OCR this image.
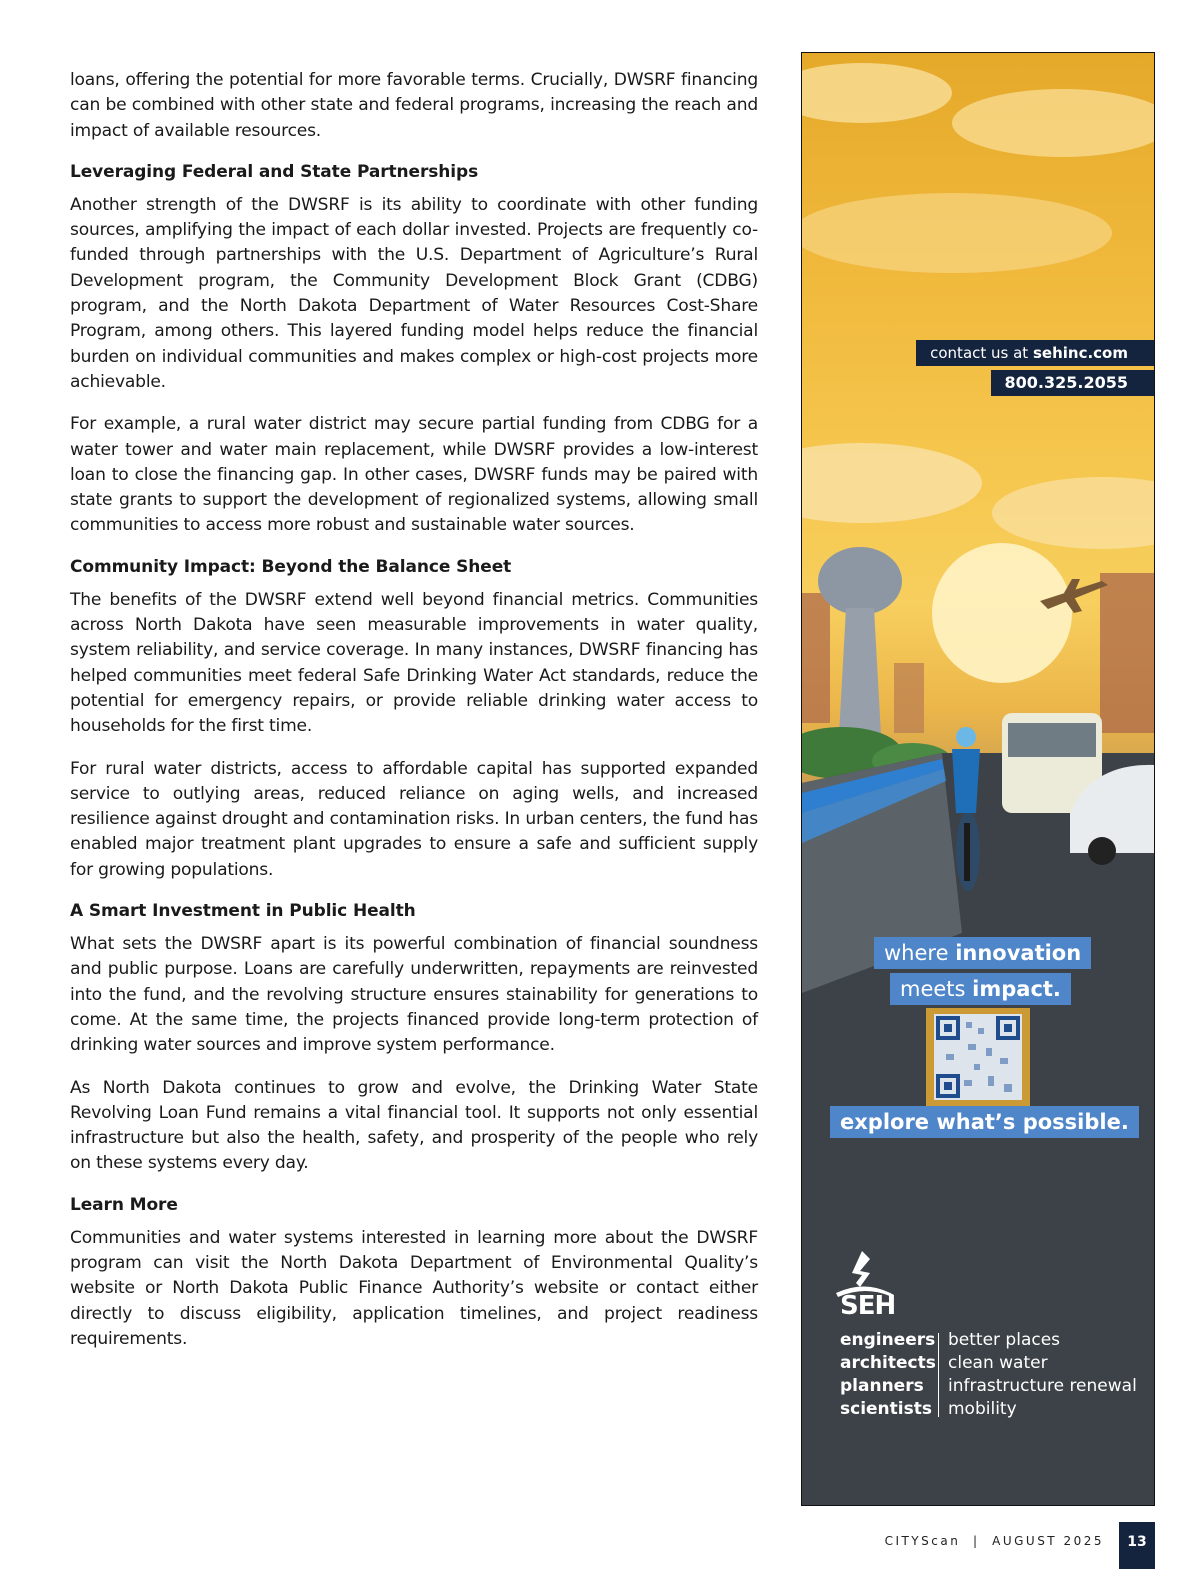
loans, offering the potential for more favorable terms. Crucially, DWSRF financing can be combined with other state and federal programs, increasing the reach and impact of available resources.

Leveraging Federal and State Partnerships

Another strength of the DWSRF is its ability to coordinate with other funding sources, amplifying the impact of each dollar invested. Projects are frequently co-funded through partnerships with the U.S. Department of Agriculture’s Rural Development program, the Community Development Block Grant (CDBG) program, and the North Dakota Department of Water Resources Cost-Share Program, among others. This layered funding model helps reduce the financial burden on individual communities and makes complex or high-cost projects more achievable.

For example, a rural water district may secure partial funding from CDBG for a water tower and water main replacement, while DWSRF provides a low-interest loan to close the financing gap. In other cases, DWSRF funds may be paired with state grants to support the development of regionalized systems, allowing small communities to access more robust and sustainable water sources.

Community Impact: Beyond the Balance Sheet

The benefits of the DWSRF extend well beyond financial metrics. Communities across North Dakota have seen measurable improvements in water quality, system reliability, and service coverage. In many instances, DWSRF financing has helped communities meet federal Safe Drinking Water Act standards, reduce the potential for emergency repairs, or provide reliable drinking water access to households for the first time.

For rural water districts, access to affordable capital has supported expanded service to outlying areas, reduced reliance on aging wells, and increased resilience against drought and contamination risks. In urban centers, the fund has enabled major treatment plant upgrades to ensure a safe and sufficient supply for growing populations.

A Smart Investment in Public Health

What sets the DWSRF apart is its powerful combination of financial soundness and public purpose. Loans are carefully underwritten, repayments are reinvested into the fund, and the revolving structure ensures stainability for generations to come. At the same time, the projects financed provide long-term protection of drinking water sources and improve system performance.

As North Dakota continues to grow and evolve, the Drinking Water State Revolving Loan Fund remains a vital financial tool. It supports not only essential infrastructure but also the health, safety, and prosperity of the people who rely on these systems every day.

Learn More

Communities and water systems interested in learning more about the DWSRF program can visit the North Dakota Department of Environmental Quality’s website or North Dakota Public Finance Authority’s website or contact either directly to discuss eligibility, application timelines, and project readiness requirements.

contact us at sehinc.com
800.325.2055
where innovation
meets impact.
explore what’s possible.
SEH
engineers
architects
planners
scientists
better places
clean water
infrastructure renewal
mobility
CITYScan  |  AUGUST 2025	13
